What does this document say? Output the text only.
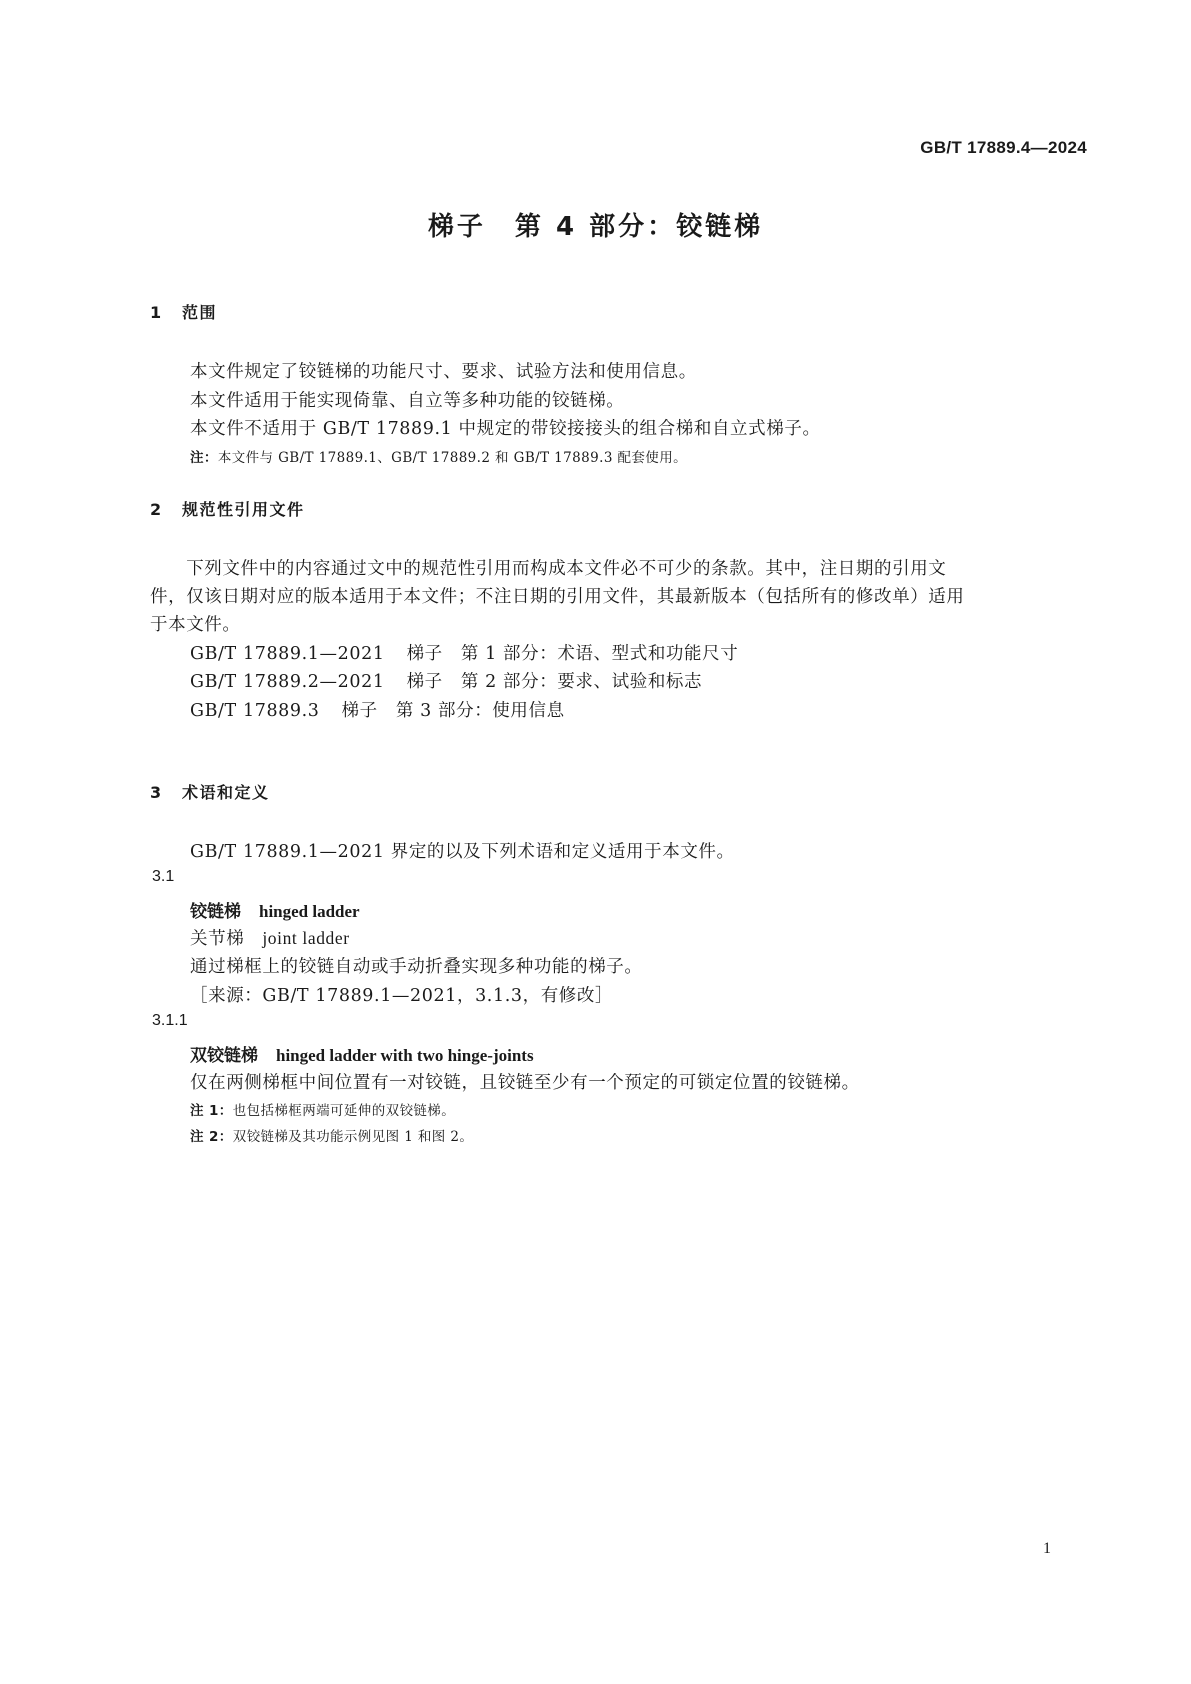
GB/T 17889.4—2024
梯子　第 4 部分：铰链梯
1 范围
本文件规定了铰链梯的功能尺寸、要求、试验方法和使用信息。
本文件适用于能实现倚靠、自立等多种功能的铰链梯。
本文件不适用于 GB/T 17889.1 中规定的带铰接接头的组合梯和自立式梯子。
注：本文件与 GB/T 17889.1、GB/T 17889.2 和 GB/T 17889.3 配套使用。
2 规范性引用文件
　　下列文件中的内容通过文中的规范性引用而构成本文件必不可少的条款。其中，注日期的引用文
件，仅该日期对应的版本适用于本文件；不注日期的引用文件，其最新版本（包括所有的修改单）适用
于本文件。
GB/T 17889.1—2021 梯子　第 1 部分：术语、型式和功能尺寸
GB/T 17889.2—2021 梯子　第 2 部分：要求、试验和标志
GB/T 17889.3 梯子　第 3 部分：使用信息
3 术语和定义
GB/T 17889.1—2021 界定的以及下列术语和定义适用于本文件。
3.1
铰链梯 hinged ladder
关节梯 joint ladder
通过梯框上的铰链自动或手动折叠实现多种功能的梯子。
［来源：GB/T 17889.1—2021，3.1.3，有修改］
3.1.1
双铰链梯 hinged ladder with two hinge-joints
仅在两侧梯框中间位置有一对铰链，且铰链至少有一个预定的可锁定位置的铰链梯。
注 1：也包括梯框两端可延伸的双铰链梯。
注 2：双铰链梯及其功能示例见图 1 和图 2。
1
